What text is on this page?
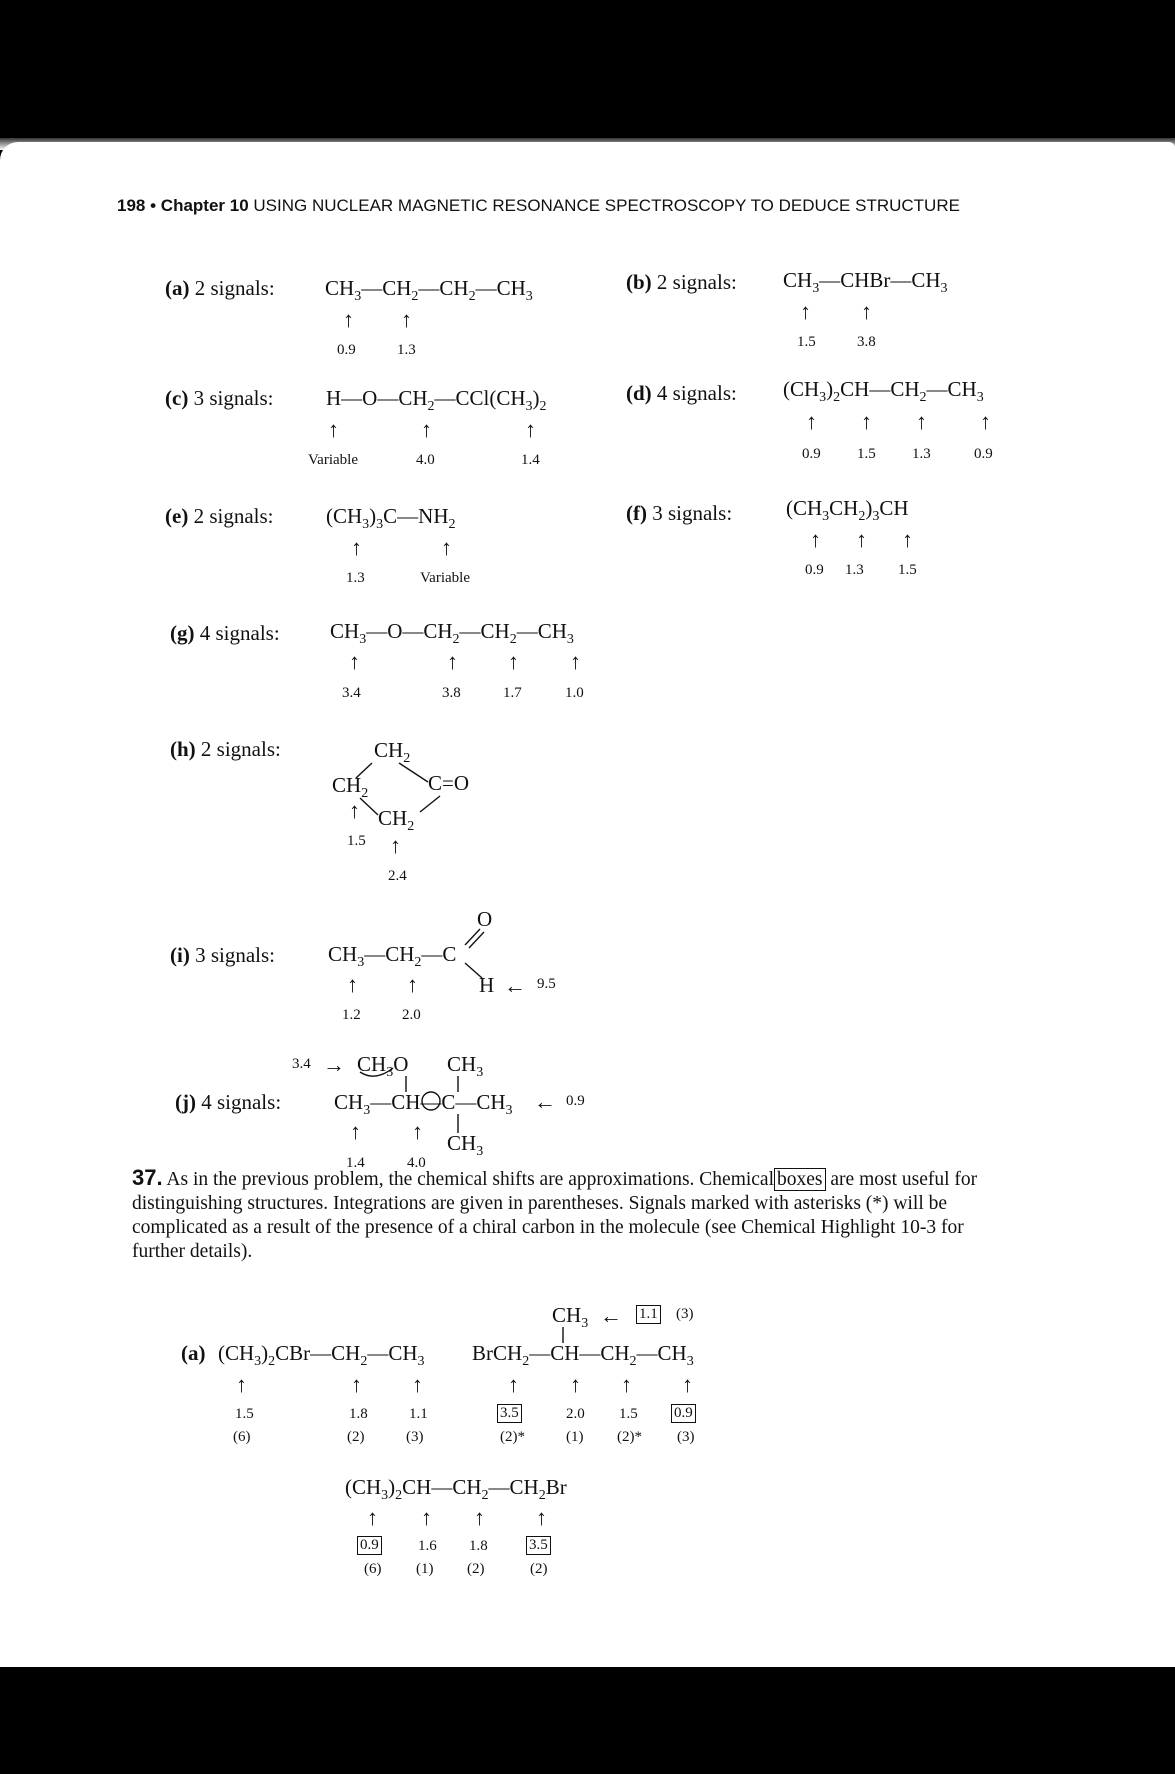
198 • Chapter 10 USING NUCLEAR MAGNETIC RESONANCE SPECTROSCOPY TO DEDUCE STRUCTURE
(a) 2 signals: $CH_3—CH_2—CH_2—CH_3$
↑ ↑
0.9	1.3
(b) 2 signals: $CH_3—CHBr—CH_3$
↑ ↑
1.5	3.8
(c) 3 signals:	$H—O—CH_2—CCl(CH_3)_2$
↑	↑	↑
Variable	4.0	1.4
(d) 4 signals: $(CH_3)_2CH—CH_2—CH_3$
↑ ↑ ↑ ↑
0.9 1.5 1.3	0.9
(e) 2 signals:	$(CH_3)_3C—NH_2$
↑	↑
1.3	Variable
(f) 3 signals:	$(CH_3CH_2)_3CH$
↑ ↑ ↑
0.9 1.3 1.5
(g) 4 signals: $CH_3—O—CH_2—CH_2—CH_3$
↑	↑ ↑ ↑
3.4	3.8	1.7	1.0
(h) 2 signals:	$CH_2$
$CH_2$	C=O
$CH_2$
↑
↑
1.5
2.4
(i) 3 signals:	$CH_3—CH_2—C$
O
H ← 9.5
↑ ↑
1.2	2.0
$3.4 \to CH_3O$ $CH_3$
(j) 4 signals:	$CH_3—CH—C—CH_3$ ← 0.9
$CH_3$
↑ ↑
1.4	4.0
37. As in the previous problem, the chemical shifts are approximations. Chemical boxes are most useful for distinguishing structures. Integrations are given in parentheses. Signals marked with asterisks (*) will be complicated as a result of the presence of a chiral carbon in the molecule (see Chemical Highlight 10-3 for further details).
(a) $(CH_3)_2CBr—CH_2—CH_3$
↑	↑ ↑
1.5	1.8	1.1
(6)	(2)	(3)
$CH_3$ ← 1.1 (3)
$BrCH_2—CH—CH_2—CH_3$
↑ ↑ ↑ ↑
3.5	2.0 1.5 0.9
(2)*	(1) (2)* (3)
$(CH_3)_2CH—CH_2—CH_2Br$
↑ ↑ ↑ ↑
0.9	1.6 1.8	3.5
(6) (1) (2)	(2)
